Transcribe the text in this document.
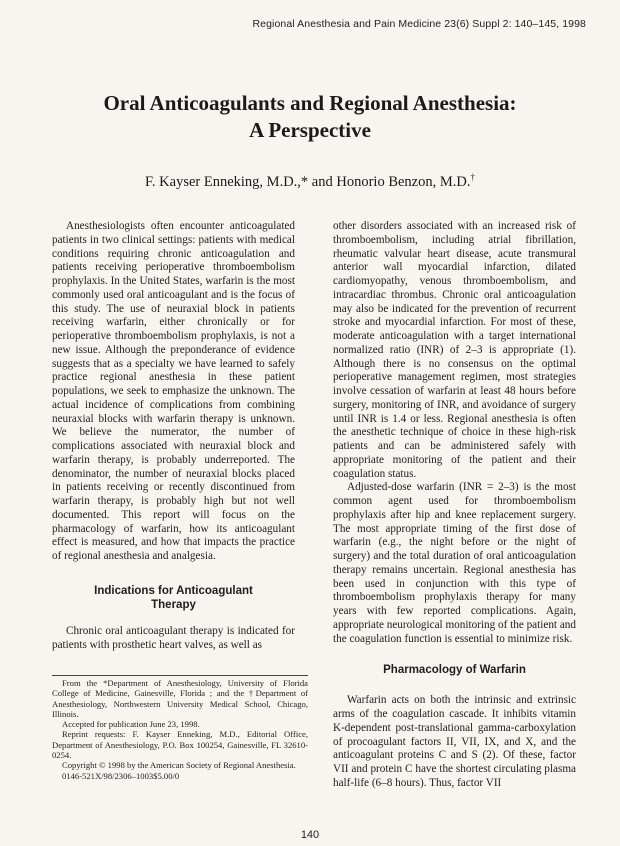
Regional Anesthesia and Pain Medicine 23(6) Suppl 2: 140–145, 1998
Oral Anticoagulants and Regional Anesthesia:
A Perspective
F. Kayser Enneking, M.D.,* and Honorio Benzon, M.D.†

Anesthesiologists often encounter anticoagulated patients in two clinical settings: patients with medical conditions requiring chronic anticoagulation and patients receiving perioperative thromboembolism prophylaxis. In the United States, warfarin is the most commonly used oral anticoagulant and is the focus of this study. The use of neuraxial block in patients receiving warfarin, either chronically or for perioperative thromboembolism prophylaxis, is not a new issue. Although the preponderance of evidence suggests that as a specialty we have learned to safely practice regional anesthesia in these patient populations, we seek to emphasize the unknown. The actual incidence of complications from combining neuraxial blocks with warfarin therapy is unknown. We believe the numerator, the number of complications associated with neuraxial block and warfarin therapy, is probably underreported. The denominator, the number of neuraxial blocks placed in patients receiving or recently discontinued from warfarin therapy, is probably high but not well documented. This report will focus on the pharmacology of warfarin, how its anticoagulant effect is measured, and how that impacts the practice of regional anesthesia and analgesia.

Indications for Anticoagulant
Therapy

Chronic oral anticoagulant therapy is indicated for patients with prosthetic heart valves, as well as

From the *Department of Anesthesiology, University of Florida College of Medicine, Gainesville, Florida ; and the †Department of Anesthesiology, Northwestern University Medical School, Chicago, Illinois.

Accepted for publication June 23, 1998.

Reprint requests: F. Kayser Enneking, M.D., Editorial Office, Department of Anesthesiology, P.O. Box 100254, Gainesville, FL 32610-0254.

Copyright © 1998 by the American Society of Regional Anesthesia.

0146-521X/98/2306–1003$5.00/0

other disorders associated with an increased risk of thromboembolism, including atrial fibrillation, rheumatic valvular heart disease, acute transmural anterior wall myocardial infarction, dilated cardiomyopathy, venous thromboembolism, and intracardiac thrombus. Chronic oral anticoagulation may also be indicated for the prevention of recurrent stroke and myocardial infarction. For most of these, moderate anticoagulation with a target international normalized ratio (INR) of 2–3 is appropriate (1). Although there is no consensus on the optimal perioperative management regimen, most strategies involve cessation of warfarin at least 48 hours before surgery, monitoring of INR, and avoidance of surgery until INR is 1.4 or less. Regional anesthesia is often the anesthetic technique of choice in these high-risk patients and can be administered safely with appropriate monitoring of the patient and their coagulation status.

Adjusted-dose warfarin (INR = 2–3) is the most common agent used for thromboembolism prophylaxis after hip and knee replacement surgery. The most appropriate timing of the first dose of warfarin (e.g., the night before or the night of surgery) and the total duration of oral anticoagulation therapy remains uncertain. Regional anesthesia has been used in conjunction with this type of thromboembolism prophylaxis therapy for many years with few reported complications. Again, appropriate neurological monitoring of the patient and the coagulation function is essential to minimize risk.

Pharmacology of Warfarin

Warfarin acts on both the intrinsic and extrinsic arms of the coagulation cascade. It inhibits vitamin K-dependent post-translational gamma-carboxylation of procoagulant factors II, VII, IX, and X, and the anticoagulant proteins C and S (2). Of these, factor VII and protein C have the shortest circulating plasma half-life (6–8 hours). Thus, factor VII

140
